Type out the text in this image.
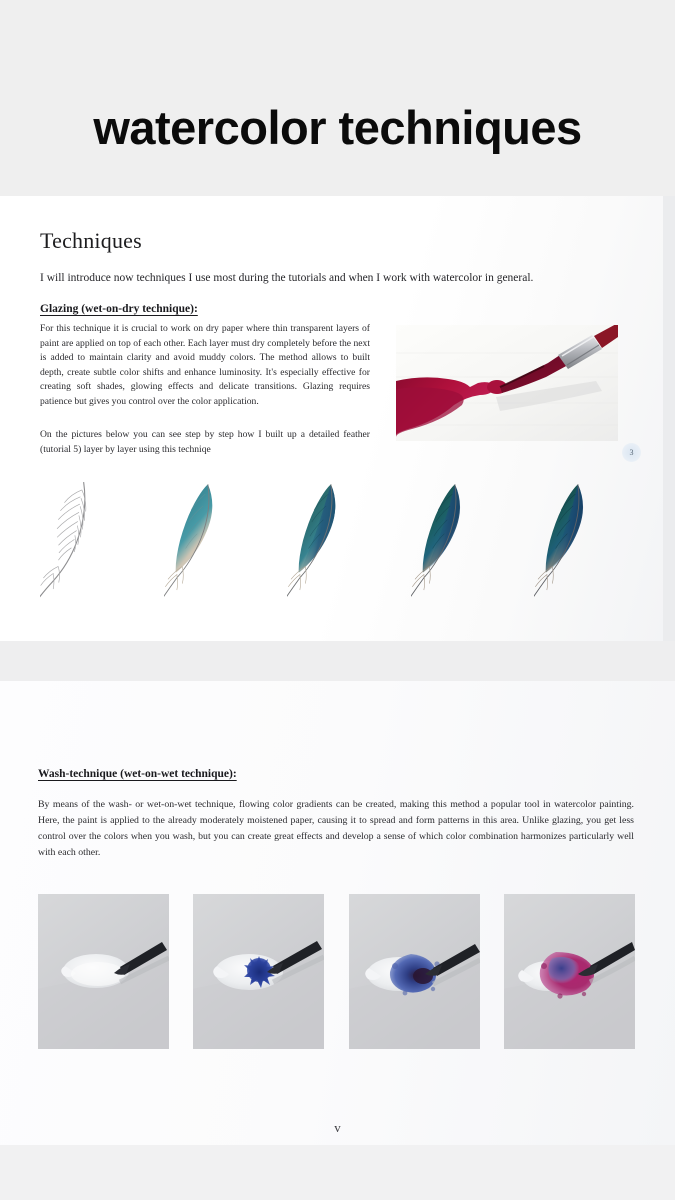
watercolor techniques
Techniques
I will introduce now techniques I use most during the tutorials and when I work with watercolor in general.
Glazing (wet-on-dry technique):
For this technique it is crucial to work on dry paper where thin transparent layers of paint are applied on top of each other. Each layer must dry completely before the next is added to maintain clarity and avoid muddy colors. The method allows to built depth, create subtle color shifts and enhance luminosity. It's especially effective for creating soft shades, glowing effects and delicate transitions. Glazing requires patience but gives you control over the color application.
On the pictures below you can see step by step how I built up a detailed feather (tutorial 5) layer by layer using this techniqe	3
Wash-technique (wet-on-wet technique):
By means of the wash- or wet-on-wet technique, flowing color gradients can be created, making this method a popular tool in watercolor painting. Here, the paint is applied to the already moderately moistened paper, causing it to spread and form patterns in this area. Unlike glazing, you get less control over the colors when you wash, but you can create great effects and develop a sense of which color combination harmonizes particularly well with each other.
v
